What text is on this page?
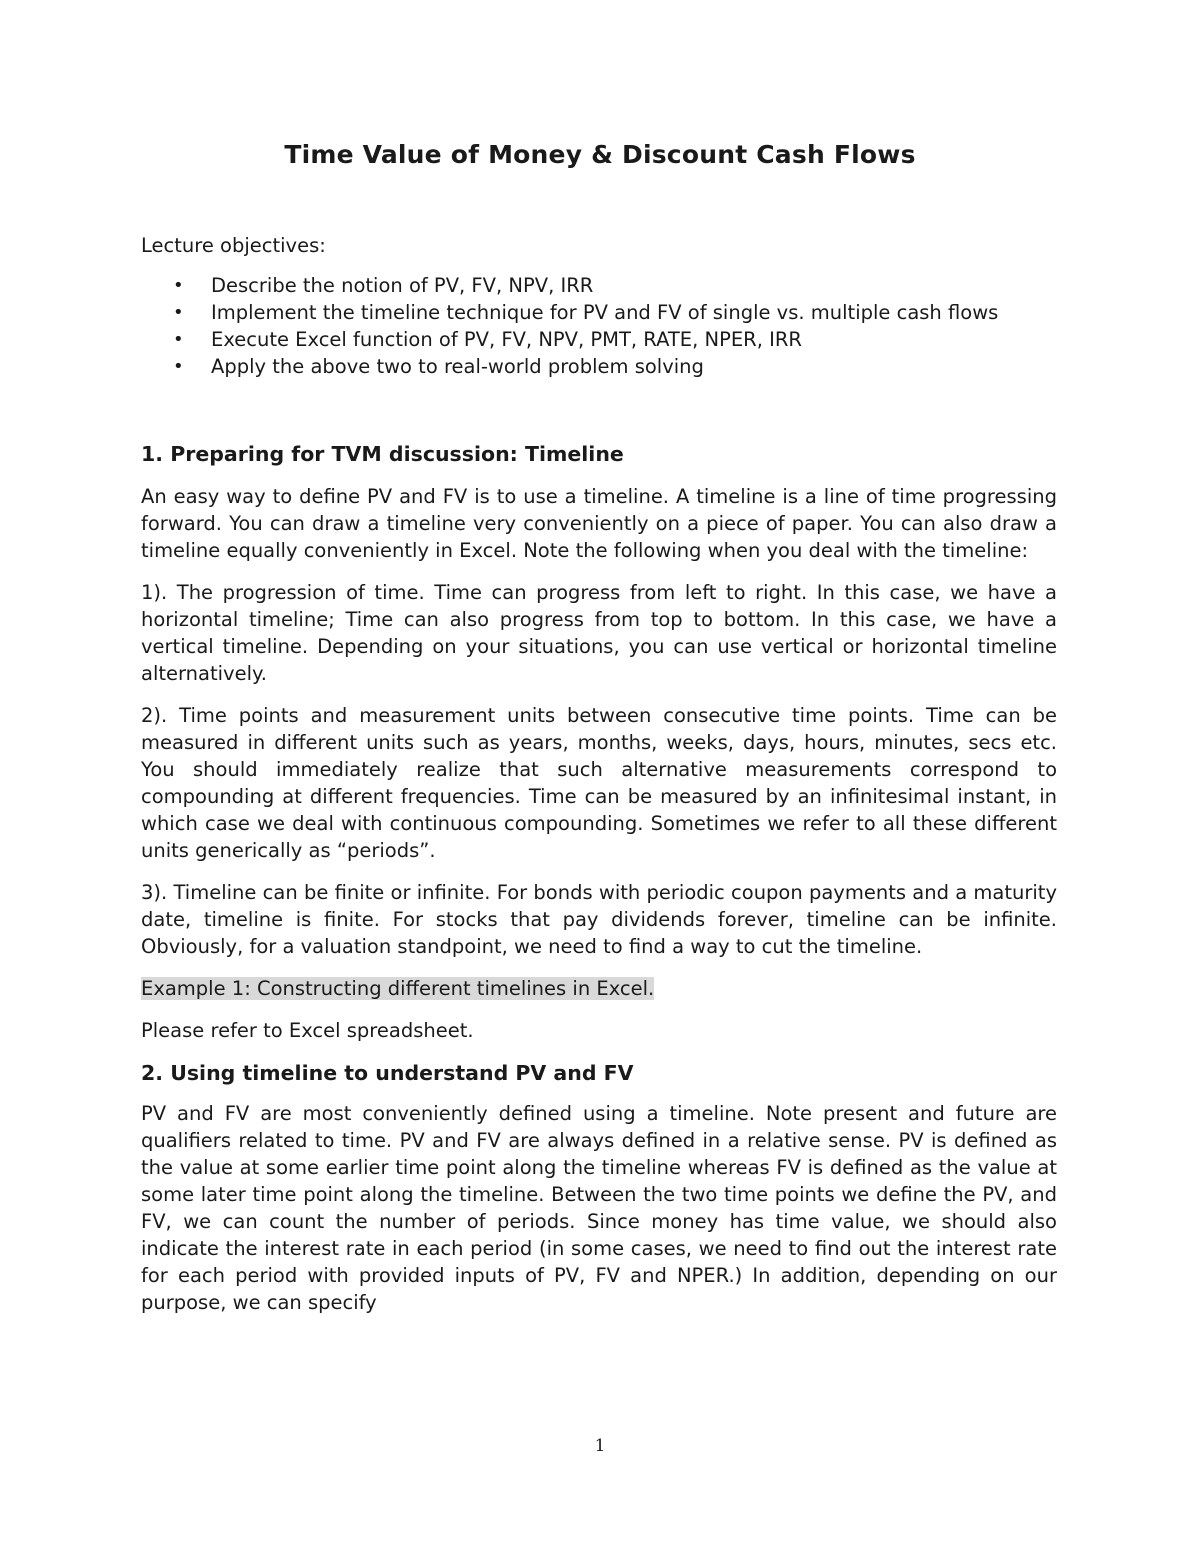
Time Value of Money & Discount Cash Flows

Lecture objectives:

• Describe the notion of PV, FV, NPV, IRR
• Implement the timeline technique for PV and FV of single vs. multiple cash flows
• Execute Excel function of PV, FV, NPV, PMT, RATE, NPER, IRR
• Apply the above two to real-world problem solving
1. Preparing for TVM discussion: Timeline

An easy way to define PV and FV is to use a timeline. A timeline is a line of time progressing forward. You can draw a timeline very conveniently on a piece of paper. You can also draw a timeline equally conveniently in Excel. Note the following when you deal with the timeline:

1). The progression of time. Time can progress from left to right. In this case, we have a horizontal timeline; Time can also progress from top to bottom. In this case, we have a vertical timeline. Depending on your situations, you can use vertical or horizontal timeline alternatively.

2). Time points and measurement units between consecutive time points. Time can be measured in different units such as years, months, weeks, days, hours, minutes, secs etc. You should immediately realize that such alternative measurements correspond to compounding at different frequencies. Time can be measured by an infinitesimal instant, in which case we deal with continuous compounding. Sometimes we refer to all these different units generically as “periods”.

3). Timeline can be finite or infinite. For bonds with periodic coupon payments and a maturity date, timeline is finite. For stocks that pay dividends forever, timeline can be infinite. Obviously, for a valuation standpoint, we need to find a way to cut the timeline.

Example 1: Constructing different timelines in Excel.

Please refer to Excel spreadsheet.

2. Using timeline to understand PV and FV

PV and FV are most conveniently defined using a timeline. Note present and future are qualifiers related to time. PV and FV are always defined in a relative sense. PV is defined as the value at some earlier time point along the timeline whereas FV is defined as the value at some later time point along the timeline. Between the two time points we define the PV, and FV, we can count the number of periods. Since money has time value, we should also indicate the interest rate in each period (in some cases, we need to find out the interest rate for each period with provided inputs of PV, FV and NPER.) In addition, depending on our purpose, we can specify

1
